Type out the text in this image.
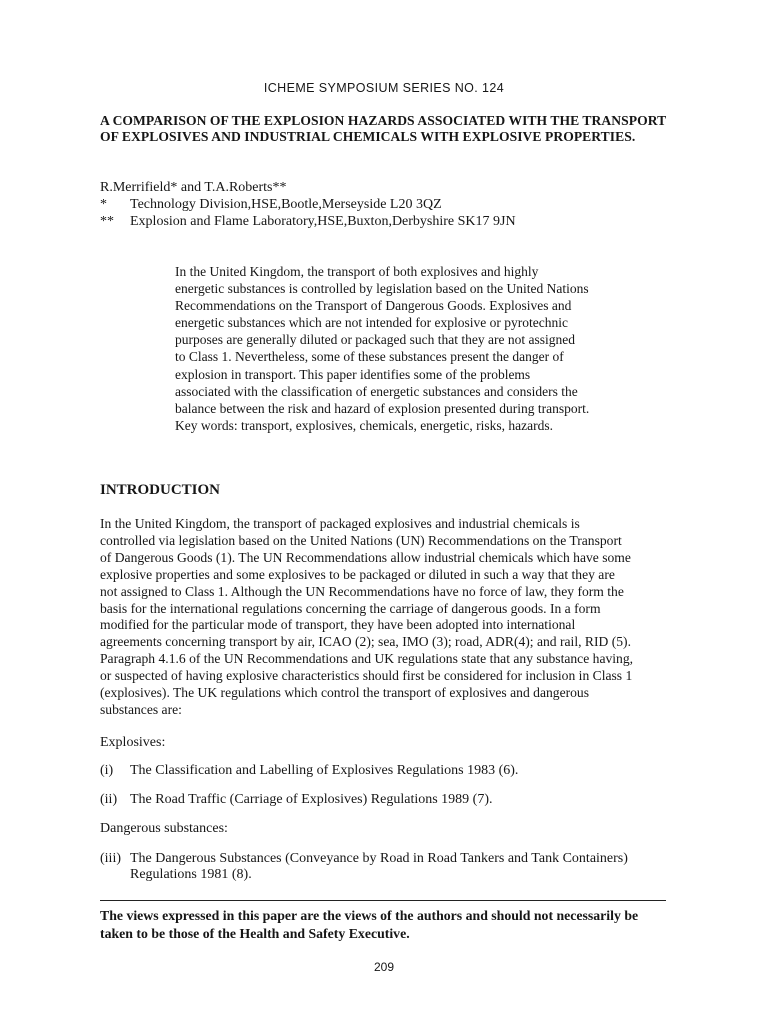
ICHEME SYMPOSIUM SERIES NO. 124
A COMPARISON OF THE EXPLOSION HAZARDS ASSOCIATED WITH THE TRANSPORT
OF EXPLOSIVES AND INDUSTRIAL CHEMICALS WITH EXPLOSIVE PROPERTIES.
R.Merrifield* and T.A.Roberts**
* Technology Division,HSE,Bootle,Merseyside L20 3QZ
** Explosion and Flame Laboratory,HSE,Buxton,Derbyshire SK17 9JN
In the United Kingdom, the transport of both explosives and highly
energetic substances is controlled by legislation based on the United Nations
Recommendations on the Transport of Dangerous Goods. Explosives and
energetic substances which are not intended for explosive or pyrotechnic
purposes are generally diluted or packaged such that they are not assigned
to Class 1. Nevertheless, some of these substances present the danger of
explosion in transport. This paper identifies some of the problems
associated with the classification of energetic substances and considers the
balance between the risk and hazard of explosion presented during transport.
Key words: transport, explosives, chemicals, energetic, risks, hazards.
INTRODUCTION
In the United Kingdom, the transport of packaged explosives and industrial chemicals is
controlled via legislation based on the United Nations (UN) Recommendations on the Transport
of Dangerous Goods (1). The UN Recommendations allow industrial chemicals which have some
explosive properties and some explosives to be packaged or diluted in such a way that they are
not assigned to Class 1. Although the UN Recommendations have no force of law, they form the
basis for the international regulations concerning the carriage of dangerous goods. In a form
modified for the particular mode of transport, they have been adopted into international
agreements concerning transport by air, ICAO (2); sea, IMO (3); road, ADR(4); and rail, RID (5).
Paragraph 4.1.6 of the UN Recommendations and UK regulations state that any substance having,
or suspected of having explosive characteristics should first be considered for inclusion in Class 1
(explosives). The UK regulations which control the transport of explosives and dangerous
substances are:
Explosives:
(i) The Classification and Labelling of Explosives Regulations 1983 (6).
(ii) The Road Traffic (Carriage of Explosives) Regulations 1989 (7).
Dangerous substances:
(iii) The Dangerous Substances (Conveyance by Road in Road Tankers and Tank Containers)
Regulations 1981 (8).
The views expressed in this paper are the views of the authors and should not necessarily be
taken to be those of the Health and Safety Executive.
209
